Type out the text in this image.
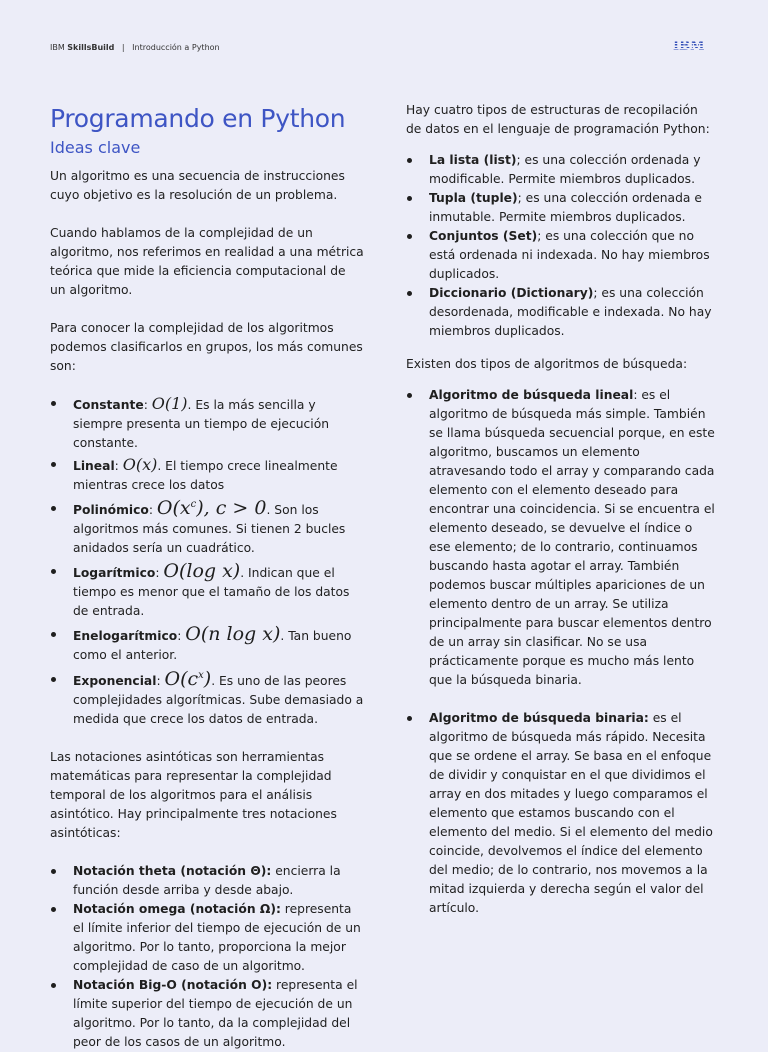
IBM SkillsBuild | Introducción a Python	IBM
Programando en Python
Ideas clave

Un algoritmo es una secuencia de instrucciones cuyo objetivo es la resolución de un problema.

Cuando hablamos de la complejidad de un algoritmo, nos referimos en realidad a una métrica teórica que mide la eficiencia computacional de un algoritmo.

Para conocer la complejidad de los algoritmos podemos clasificarlos en grupos, los más comunes son:

Constante: O(1). Es la más sencilla y siempre presenta un tiempo de ejecución constante.
Lineal: O(x). El tiempo crece linealmente mientras crece los datos
Polinómico: $O(x^c)$, c > 0. Son los algoritmos más comunes. Si tienen 2 bucles anidados sería un cuadrático.
Logarítmico: O(log x). Indican que el tiempo es menor que el tamaño de los datos de entrada.
Enelogarítmico: O(n log x). Tan bueno como el anterior.
Exponencial: $O(c^x)$. Es uno de las peores complejidades algorítmicas. Sube demasiado a medida que crece los datos de entrada.

Las notaciones asintóticas son herramientas matemáticas para representar la complejidad temporal de los algoritmos para el análisis asintótico. Hay principalmente tres notaciones asintóticas:

Notación theta (notación Θ): encierra la función desde arriba y desde abajo.
Notación omega (notación Ω): representa el límite inferior del tiempo de ejecución de un algoritmo. Por lo tanto, proporciona la mejor complejidad de caso de un algoritmo.
Notación Big-O (notación O): representa el límite superior del tiempo de ejecución de un algoritmo. Por lo tanto, da la complejidad del peor de los casos de un algoritmo.

Hay cuatro tipos de estructuras de recopilación de datos en el lenguaje de programación Python:

La lista (list); es una colección ordenada y modificable. Permite miembros duplicados.
Tupla (tuple); es una colección ordenada e inmutable. Permite miembros duplicados.
Conjuntos (Set); es una colección que no está ordenada ni indexada. No hay miembros duplicados.
Diccionario (Dictionary); es una colección desordenada, modificable e indexada. No hay miembros duplicados.

Existen dos tipos de algoritmos de búsqueda:

Algoritmo de búsqueda lineal: es el algoritmo de búsqueda más simple. También se llama búsqueda secuencial porque, en este algoritmo, buscamos un elemento atravesando todo el array y comparando cada elemento con el elemento deseado para encontrar una coincidencia. Si se encuentra el elemento deseado, se devuelve el índice o ese elemento; de lo contrario, continuamos buscando hasta agotar el array. También podemos buscar múltiples apariciones de un elemento dentro de un array. Se utiliza principalmente para buscar elementos dentro de un array sin clasificar. No se usa prácticamente porque es mucho más lento que la búsqueda binaria.
Algoritmo de búsqueda binaria: es el algoritmo de búsqueda más rápido. Necesita que se ordene el array. Se basa en el enfoque de dividir y conquistar en el que dividimos el array en dos mitades y luego comparamos el elemento que estamos buscando con el elemento del medio. Si el elemento del medio coincide, devolvemos el índice del elemento del medio; de lo contrario, nos movemos a la mitad izquierda y derecha según el valor del artículo.
